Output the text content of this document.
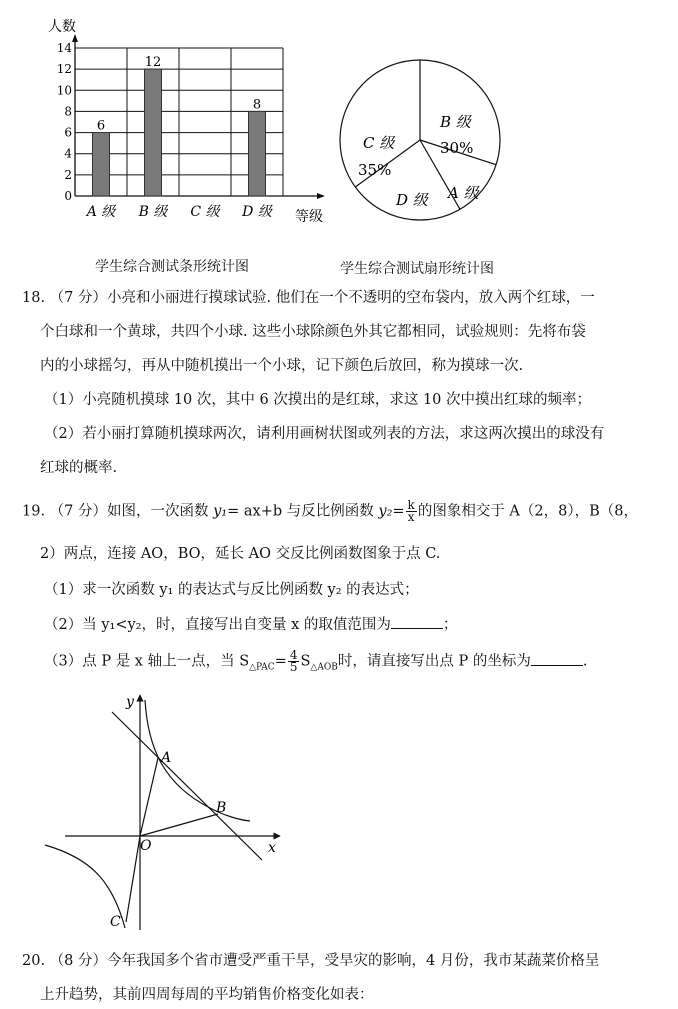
人数
0
2
4
6
8
10
12
14
6
A 级
12
B 级 C 级
8
D 级 等级
B 级
30%
C 级
35%
D 级 A 级
学生综合测试条形统计图	学生综合测试扇形统计图
18. （7 分）小亮和小丽进行摸球试验. 他们在一个不透明的空布袋内，放入两个红球，一
个白球和一个黄球，共四个小球. 这些小球除颜色外其它都相同，试验规则：先将布袋
内的小球摇匀，再从中随机摸出一个小球，记下颜色后放回，称为摸球一次.
（1）小亮随机摸球 10 次，其中 6 次摸出的是红球，求这 10 次中摸出红球的频率；
（2）若小丽打算随机摸球两次，请利用画树状图或列表的方法，求这两次摸出的球没有
红球的概率.
19. （7 分）如图，一次函数 y₁= ax+b 与反比例函数 $y_2= \frac{k}{x}$ 的图象相交于 A（2，8），B（8，
2）两点，连接 AO，BO，延长 AO 交反比例函数图象于点 C.
（1）求一次函数 y₁ 的表达式与反比例函数 y₂ 的表达式；
（2）当 y₁<y₂，时，直接写出自变量 x 的取值范围为	；
（3）点 P 是 x 轴上一点，当 $S_{\triangle PAC}= \frac{4}{5} S_{\triangle AOB}$时，请直接写出点 P 的坐标为	.
y
x
O
A
B
C
20. （8 分）今年我国多个省市遭受严重干旱，受旱灾的影响，4 月份，我市某蔬菜价格呈
上升趋势，其前四周每周的平均销售价格变化如表：
